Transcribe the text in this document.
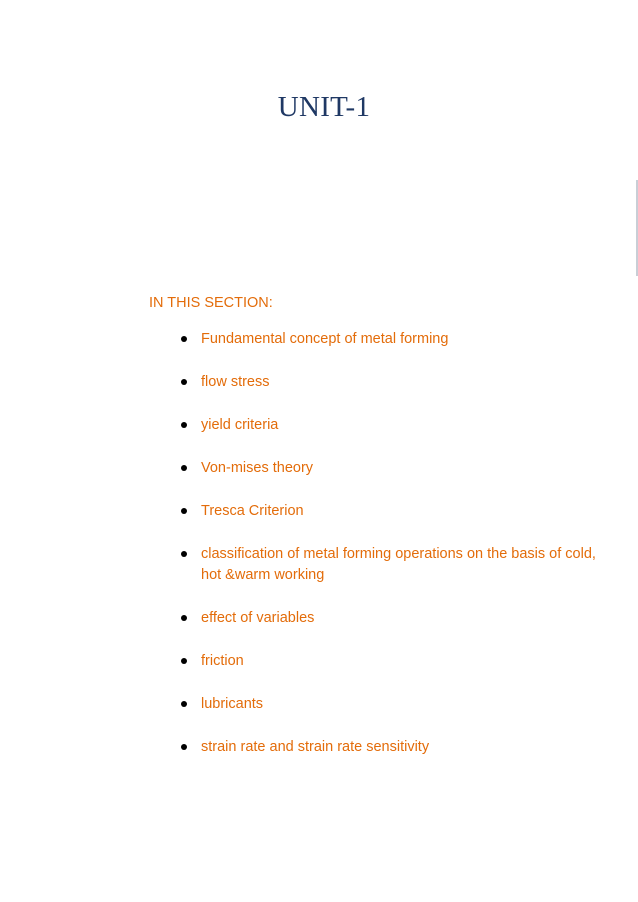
UNIT-1
IN THIS SECTION:
Fundamental concept of metal forming
flow stress
yield criteria
Von-mises theory
Tresca Criterion
classification of metal forming operations on the basis of cold, hot &warm working
effect of variables
friction
lubricants
strain rate and strain rate sensitivity
